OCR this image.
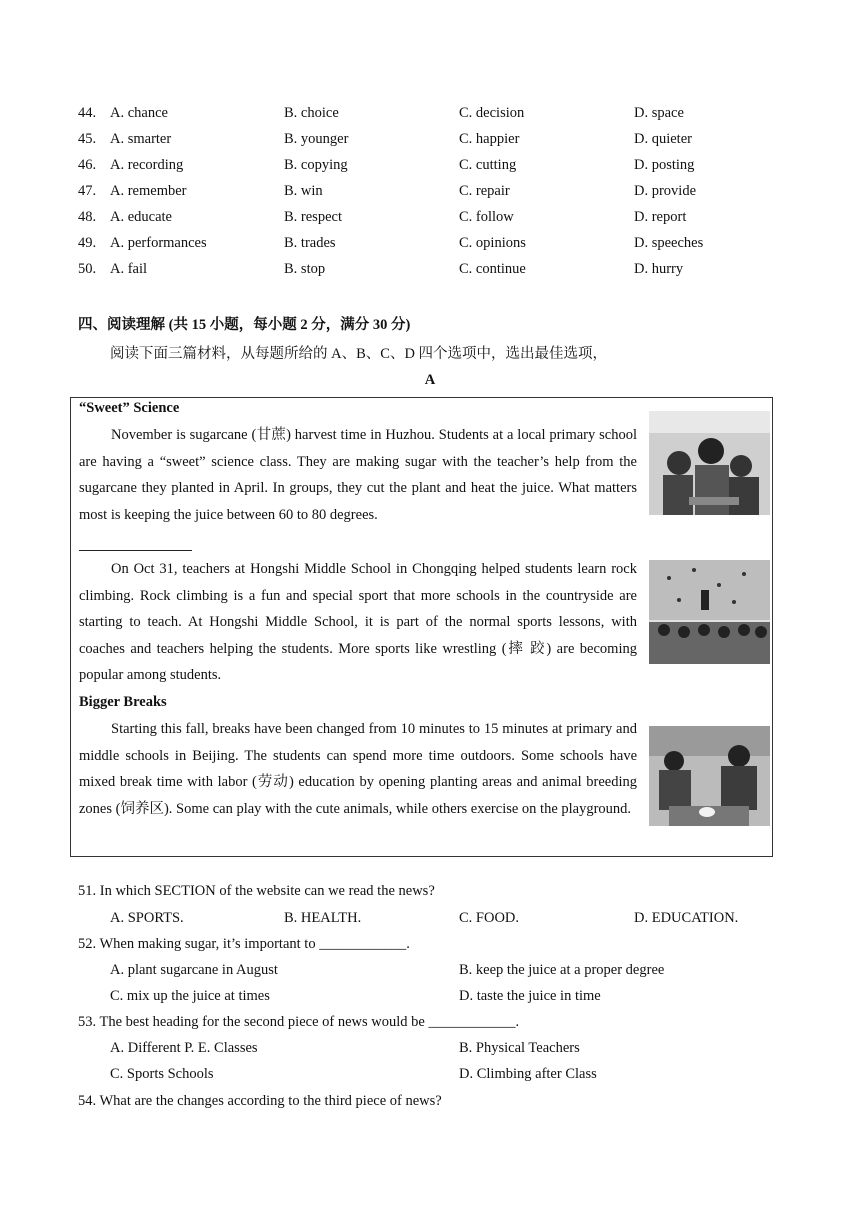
44. A. chance	B. choice	C. decision	D. space
45. A. smarter	B. younger	C. happier	D. quieter
46. A. recording	B. copying	C. cutting	D. posting
47. A. remember	B. win	C. repair	D. provide
48. A. educate	B. respect	C. follow	D. report
49. A. performances	B. trades	C. opinions	D. speeches
50. A. fail	B. stop	C. continue	D. hurry
四、阅读理解 (共 15 小题，每小题 2 分，满分 30 分)
阅读下面三篇材料，从每题所给的 A、B、C、D 四个选项中，选出最佳选项，
A
“Sweet” Science
November is sugarcane (甘蔗) harvest time in Huzhou. Students at a local primary school are having a “sweet” science class. They are making sugar with the teacher’s help from the sugarcane they planted in April. In groups, they cut the plant and heat the juice. What matters most is keeping the juice between 60 to 80 degrees.
On Oct 31, teachers at Hongshi Middle School in Chongqing helped students learn rock climbing. Rock climbing is a fun and special sport that more schools in the countryside are starting to teach. At Hongshi Middle School, it is part of the normal sports lessons, with coaches and teachers helping the students. More sports like wrestling (摔 跤) are becoming popular among students.
Bigger Breaks
Starting this fall, breaks have been changed from 10 minutes to 15 minutes at primary and middle schools in Beijing. The students can spend more time outdoors. Some schools have mixed break time with labor (劳动) education by opening planting areas and animal breeding zones (饲养区). Some can play with the cute animals, while others exercise on the playground.
51. In which SECTION of the website can we read the news?
A. SPORTS.	B. HEALTH.	C. FOOD.	D. EDUCATION.
52. When making sugar, it’s important to ____________.
A. plant sugarcane in August	B. keep the juice at a proper degree
C. mix up the juice at times	D. taste the juice in time
53. The best heading for the second piece of news would be ____________.
A. Different P. E. Classes	B. Physical Teachers
C. Sports Schools	D. Climbing after Class
54. What are the changes according to the third piece of news?
